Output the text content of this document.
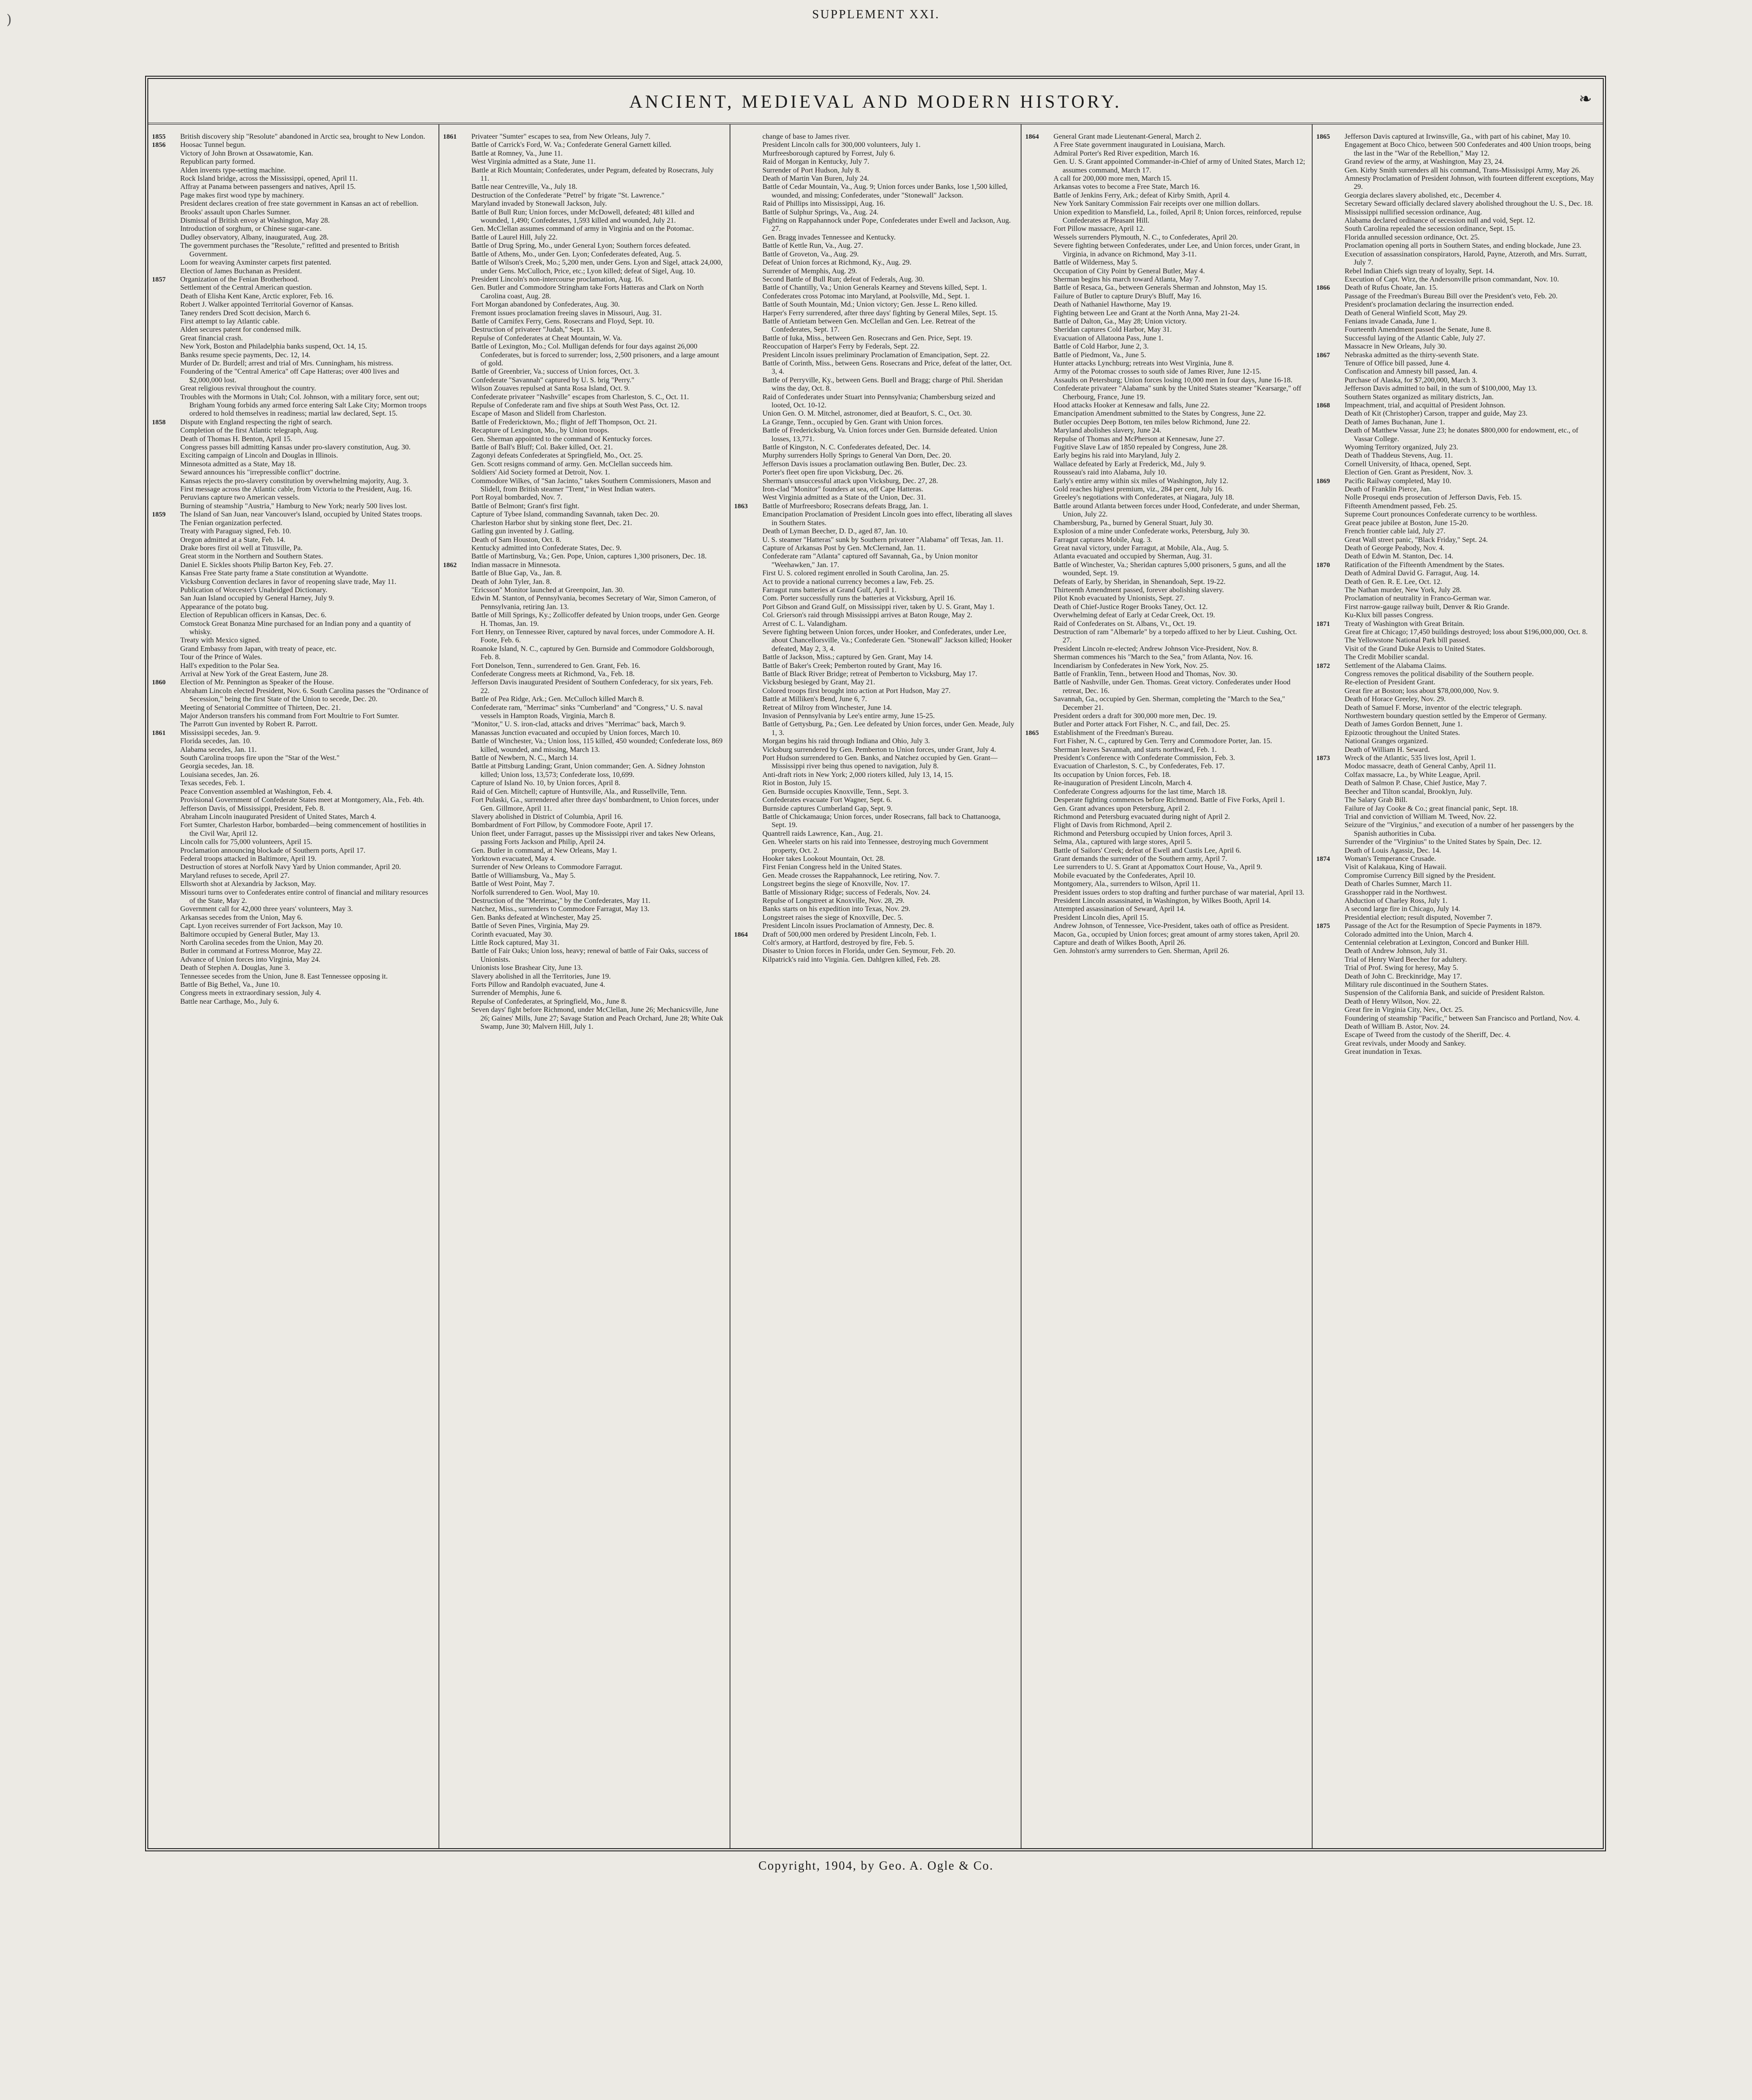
)	SUPPLEMENT XXI.
ANCIENT, MEDIEVAL AND MODERN HISTORY.	❧
1855	British discovery ship "Resolute" abandoned in Arctic sea, brought to New London.
1856	Hoosac Tunnel begun.
Victory of John Brown at Ossawatomie, Kan.
Republican party formed.
Alden invents type-setting machine.
Rock Island bridge, across the Mississippi, opened, April 11.
Affray at Panama between passengers and natives, April 15.
Page makes first wood type by machinery.
President declares creation of free state government in Kansas an act of rebellion.
Brooks' assault upon Charles Sumner.
Dismissal of British envoy at Washington, May 28.
Introduction of sorghum, or Chinese sugar-cane.
Dudley observatory, Albany, inaugurated, Aug. 28.
The government purchases the "Resolute," refitted and presented to British Government.
Loom for weaving Axminster carpets first patented.
Election of James Buchanan as President.
1857	Organization of the Fenian Brotherhood.
Settlement of the Central American question.
Death of Elisha Kent Kane, Arctic explorer, Feb. 16.
Robert J. Walker appointed Territorial Governor of Kansas.
Taney renders Dred Scott decision, March 6.
First attempt to lay Atlantic cable.
Alden secures patent for condensed milk.
Great financial crash.
New York, Boston and Philadelphia banks suspend, Oct. 14, 15.
Banks resume specie payments, Dec. 12, 14.
Murder of Dr. Burdell; arrest and trial of Mrs. Cunningham, his mistress.
Foundering of the "Central America" off Cape Hatteras; over 400 lives and $2,000,000 lost.
Great religious revival throughout the country.
Troubles with the Mormons in Utah; Col. Johnson, with a military force, sent out; Brigham Young forbids any armed force entering Salt Lake City; Mormon troops ordered to hold themselves in readiness; martial law declared, Sept. 15.
1858	Dispute with England respecting the right of search.
Completion of the first Atlantic telegraph, Aug.
Death of Thomas H. Benton, April 15.
Congress passes bill admitting Kansas under pro-slavery constitution, Aug. 30.
Exciting campaign of Lincoln and Douglas in Illinois.
Minnesota admitted as a State, May 18.
Seward announces his "irrepressible conflict" doctrine.
Kansas rejects the pro-slavery constitution by overwhelming majority, Aug. 3.
First message across the Atlantic cable, from Victoria to the President, Aug. 16.
Peruvians capture two American vessels.
Burning of steamship "Austria," Hamburg to New York; nearly 500 lives lost.
1859	The Island of San Juan, near Vancouver's Island, occupied by United States troops.
The Fenian organization perfected.
Treaty with Paraguay signed, Feb. 10.
Oregon admitted at a State, Feb. 14.
Drake bores first oil well at Titusville, Pa.
Great storm in the Northern and Southern States.
Daniel E. Sickles shoots Philip Barton Key, Feb. 27.
Kansas Free State party frame a State constitution at Wyandotte.
Vicksburg Convention declares in favor of reopening slave trade, May 11.
Publication of Worcester's Unabridged Dictionary.
San Juan Island occupied by General Harney, July 9.
Appearance of the potato bug.
Election of Republican officers in Kansas, Dec. 6.
Comstock Great Bonanza Mine purchased for an Indian pony and a quantity of whisky.
Treaty with Mexico signed.
Grand Embassy from Japan, with treaty of peace, etc.
Tour of the Prince of Wales.
Hall's expedition to the Polar Sea.
Arrival at New York of the Great Eastern, June 28.
1860	Election of Mr. Pennington as Speaker of the House.
Abraham Lincoln elected President, Nov. 6. South Carolina passes the "Ordinance of Secession," being the first State of the Union to secede, Dec. 20.
Meeting of Senatorial Committee of Thirteen, Dec. 21.
Major Anderson transfers his command from Fort Moultrie to Fort Sumter.
The Parrott Gun invented by Robert R. Parrott.
1861	Mississippi secedes, Jan. 9.
Florida secedes, Jan. 10.
Alabama secedes, Jan. 11.
South Carolina troops fire upon the "Star of the West."
Georgia secedes, Jan. 18.
Louisiana secedes, Jan. 26.
Texas secedes, Feb. 1.
Peace Convention assembled at Washington, Feb. 4.
Provisional Government of Confederate States meet at Montgomery, Ala., Feb. 4th.
Jefferson Davis, of Mississippi, President, Feb. 8.
Abraham Lincoln inaugurated President of United States, March 4.
Fort Sumter, Charleston Harbor, bombarded—being commencement of hostilities in the Civil War, April 12.
Lincoln calls for 75,000 volunteers, April 15.
Proclamation announcing blockade of Southern ports, April 17.
Federal troops attacked in Baltimore, April 19.
Destruction of stores at Norfolk Navy Yard by Union commander, April 20.
Maryland refuses to secede, April 27.
Ellsworth shot at Alexandria by Jackson, May.
Missouri turns over to Confederates entire control of financial and military resources of the State, May 2.
Government call for 42,000 three years' volunteers, May 3.
Arkansas secedes from the Union, May 6.
Capt. Lyon receives surrender of Fort Jackson, May 10.
Baltimore occupied by General Butler, May 13.
North Carolina secedes from the Union, May 20.
Butler in command at Fortress Monroe, May 22.
Advance of Union forces into Virginia, May 24.
Death of Stephen A. Douglas, June 3.
Tennessee secedes from the Union, June 8. East Tennessee opposing it.
Battle of Big Bethel, Va., June 10.
Congress meets in extraordinary session, July 4.
Battle near Carthage, Mo., July 6.
1861	Privateer "Sumter" escapes to sea, from New Orleans, July 7.
Battle of Carrick's Ford, W. Va.; Confederate General Garnett killed.
Battle at Romney, Va., June 11.
West Virginia admitted as a State, June 11.
Battle at Rich Mountain; Confederates, under Pegram, defeated by Rosecrans, July 11.
Battle near Centreville, Va., July 18.
Destruction of the Confederate "Petrel" by frigate "St. Lawrence."
Maryland invaded by Stonewall Jackson, July.
Battle of Bull Run; Union forces, under McDowell, defeated; 481 killed and wounded, 1,490; Confederates, 1,593 killed and wounded, July 21.
Gen. McClellan assumes command of army in Virginia and on the Potomac.
Battle of Laurel Hill, July 22.
Battle of Drug Spring, Mo., under General Lyon; Southern forces defeated.
Battle of Athens, Mo., under Gen. Lyon; Confederates defeated, Aug. 5.
Battle of Wilson's Creek, Mo.; 5,200 men, under Gens. Lyon and Sigel, attack 24,000, under Gens. McCulloch, Price, etc.; Lyon killed; defeat of Sigel, Aug. 10.
President Lincoln's non-intercourse proclamation, Aug. 16.
Gen. Butler and Commodore Stringham take Forts Hatteras and Clark on North Carolina coast, Aug. 28.
Fort Morgan abandoned by Confederates, Aug. 30.
Fremont issues proclamation freeing slaves in Missouri, Aug. 31.
Battle of Carnifex Ferry, Gens. Rosecrans and Floyd, Sept. 10.
Destruction of privateer "Judah," Sept. 13.
Repulse of Confederates at Cheat Mountain, W. Va.
Battle of Lexington, Mo.; Col. Mulligan defends for four days against 26,000 Confederates, but is forced to surrender; loss, 2,500 prisoners, and a large amount of gold.
Battle of Greenbrier, Va.; success of Union forces, Oct. 3.
Confederate "Savannah" captured by U. S. brig "Perry."
Wilson Zouaves repulsed at Santa Rosa Island, Oct. 9.
Confederate privateer "Nashville" escapes from Charleston, S. C., Oct. 11.
Repulse of Confederate ram and five ships at South West Pass, Oct. 12.
Escape of Mason and Slidell from Charleston.
Battle of Fredericktown, Mo.; flight of Jeff Thompson, Oct. 21.
Recapture of Lexington, Mo., by Union troops.
Gen. Sherman appointed to the command of Kentucky forces.
Battle of Ball's Bluff; Col. Baker killed, Oct. 21.
Zagonyi defeats Confederates at Springfield, Mo., Oct. 25.
Gen. Scott resigns command of army. Gen. McClellan succeeds him.
Soldiers' Aid Society formed at Detroit, Nov. 1.
Commodore Wilkes, of "San Jacinto," takes Southern Commissioners, Mason and Slidell, from British steamer "Trent," in West Indian waters.
Port Royal bombarded, Nov. 7.
Battle of Belmont; Grant's first fight.
Capture of Tybee Island, commanding Savannah, taken Dec. 20.
Charleston Harbor shut by sinking stone fleet, Dec. 21.
Gatling gun invented by J. Gatling.
Death of Sam Houston, Oct. 8.
Kentucky admitted into Confederate States, Dec. 9.
Battle of Martinsburg, Va.; Gen. Pope, Union, captures 1,300 prisoners, Dec. 18.
1862	Indian massacre in Minnesota.
Battle of Blue Gap, Va., Jan. 8.
Death of John Tyler, Jan. 8.
"Ericsson" Monitor launched at Greenpoint, Jan. 30.
Edwin M. Stanton, of Pennsylvania, becomes Secretary of War, Simon Cameron, of Pennsylvania, retiring Jan. 13.
Battle of Mill Springs, Ky.; Zollicoffer defeated by Union troops, under Gen. George H. Thomas, Jan. 19.
Fort Henry, on Tennessee River, captured by naval forces, under Commodore A. H. Foote, Feb. 6.
Roanoke Island, N. C., captured by Gen. Burnside and Commodore Goldsborough, Feb. 8.
Fort Donelson, Tenn., surrendered to Gen. Grant, Feb. 16.
Confederate Congress meets at Richmond, Va., Feb. 18.
Jefferson Davis inaugurated President of Southern Confederacy, for six years, Feb. 22.
Battle of Pea Ridge, Ark.; Gen. McCulloch killed March 8.
Confederate ram, "Merrimac" sinks "Cumberland" and "Congress," U. S. naval vessels in Hampton Roads, Virginia, March 8.
"Monitor," U. S. iron-clad, attacks and drives "Merrimac" back, March 9.
Manassas Junction evacuated and occupied by Union forces, March 10.
Battle of Winchester, Va.; Union loss, 115 killed, 450 wounded; Confederate loss, 869 killed, wounded, and missing, March 13.
Battle of Newbern, N. C., March 14.
Battle at Pittsburg Landing; Grant, Union commander; Gen. A. Sidney Johnston killed; Union loss, 13,573; Confederate loss, 10,699.
Capture of Island No. 10, by Union forces, April 8.
Raid of Gen. Mitchell; capture of Huntsville, Ala., and Russellville, Tenn.
Fort Pulaski, Ga., surrendered after three days' bombardment, to Union forces, under Gen. Gillmore, April 11.
Slavery abolished in District of Columbia, April 16.
Bombardment of Fort Pillow, by Commodore Foote, April 17.
Union fleet, under Farragut, passes up the Mississippi river and takes New Orleans, passing Forts Jackson and Philip, April 24.
Gen. Butler in command, at New Orleans, May 1.
Yorktown evacuated, May 4.
Surrender of New Orleans to Commodore Farragut.
Battle of Williamsburg, Va., May 5.
Battle of West Point, May 7.
Norfolk surrendered to Gen. Wool, May 10.
Destruction of the "Merrimac," by the Confederates, May 11.
Natchez, Miss., surrenders to Commodore Farragut, May 13.
Gen. Banks defeated at Winchester, May 25.
Battle of Seven Pines, Virginia, May 29.
Corinth evacuated, May 30.
Little Rock captured, May 31.
Battle of Fair Oaks; Union loss, heavy; renewal of battle of Fair Oaks, success of Unionists.
Unionists lose Brashear City, June 13.
Slavery abolished in all the Territories, June 19.
Forts Pillow and Randolph evacuated, June 4.
Surrender of Memphis, June 6.
Repulse of Confederates, at Springfield, Mo., June 8.
Seven days' fight before Richmond, under McClellan, June 26; Mechanicsville, June 26; Gaines' Mills, June 27; Savage Station and Peach Orchard, June 28; White Oak Swamp, June 30; Malvern Hill, July 1.
change of base to James river.
President Lincoln calls for 300,000 volunteers, July 1.
Murfreesborough captured by Forrest, July 6.
Raid of Morgan in Kentucky, July 7.
Surrender of Port Hudson, July 8.
Death of Martin Van Buren, July 24.
Battle of Cedar Mountain, Va., Aug. 9; Union forces under Banks, lose 1,500 killed, wounded, and missing; Confederates, under "Stonewall" Jackson.
Raid of Phillips into Mississippi, Aug. 16.
Battle of Sulphur Springs, Va., Aug. 24.
Fighting on Rappahannock under Pope, Confederates under Ewell and Jackson, Aug. 27.
Gen. Bragg invades Tennessee and Kentucky.
Battle of Kettle Run, Va., Aug. 27.
Battle of Groveton, Va., Aug. 29.
Defeat of Union forces at Richmond, Ky., Aug. 29.
Surrender of Memphis, Aug. 29.
Second Battle of Bull Run; defeat of Federals, Aug. 30.
Battle of Chantilly, Va.; Union Generals Kearney and Stevens killed, Sept. 1.
Confederates cross Potomac into Maryland, at Poolsville, Md., Sept. 1.
Battle of South Mountain, Md.; Union victory; Gen. Jesse L. Reno killed.
Harper's Ferry surrendered, after three days' fighting by General Miles, Sept. 15.
Battle of Antietam between Gen. McClellan and Gen. Lee. Retreat of the Confederates, Sept. 17.
Battle of Iuka, Miss., between Gen. Rosecrans and Gen. Price, Sept. 19.
Reoccupation of Harper's Ferry by Federals, Sept. 22.
President Lincoln issues preliminary Proclamation of Emancipation, Sept. 22.
Battle of Corinth, Miss., between Gens. Rosecrans and Price, defeat of the latter, Oct. 3, 4.
Battle of Perryville, Ky., between Gens. Buell and Bragg; charge of Phil. Sheridan wins the day, Oct. 8.
Raid of Confederates under Stuart into Pennsylvania; Chambersburg seized and looted, Oct. 10-12.
Union Gen. O. M. Mitchel, astronomer, died at Beaufort, S. C., Oct. 30.
La Grange, Tenn., occupied by Gen. Grant with Union forces.
Battle of Fredericksburg, Va. Union forces under Gen. Burnside defeated. Union losses, 13,771.
Battle of Kingston, N. C. Confederates defeated, Dec. 14.
Murphy surrenders Holly Springs to General Van Dorn, Dec. 20.
Jefferson Davis issues a proclamation outlawing Ben. Butler, Dec. 23.
Porter's fleet open fire upon Vicksburg, Dec. 26.
Sherman's unsuccessful attack upon Vicksburg, Dec. 27, 28.
Iron-clad "Monitor" founders at sea, off Cape Hatteras.
West Virginia admitted as a State of the Union, Dec. 31.
1863	Battle of Murfreesboro; Rosecrans defeats Bragg, Jan. 1.
Emancipation Proclamation of President Lincoln goes into effect, liberating all slaves in Southern States.
Death of Lyman Beecher, D. D., aged 87, Jan. 10.
U. S. steamer "Hatteras" sunk by Southern privateer "Alabama" off Texas, Jan. 11.
Capture of Arkansas Post by Gen. McClernand, Jan. 11.
Confederate ram "Atlanta" captured off Savannah, Ga., by Union monitor "Weehawken," Jan. 17.
First U. S. colored regiment enrolled in South Carolina, Jan. 25.
Act to provide a national currency becomes a law, Feb. 25.
Farragut runs batteries at Grand Gulf, April 1.
Com. Porter successfully runs the batteries at Vicksburg, April 16.
Port Gibson and Grand Gulf, on Mississippi river, taken by U. S. Grant, May 1.
Col. Grierson's raid through Mississippi arrives at Baton Rouge, May 2.
Arrest of C. L. Valandigham.
Severe fighting between Union forces, under Hooker, and Confederates, under Lee, about Chancellorsville, Va.; Confederate Gen. "Stonewall" Jackson killed; Hooker defeated, May 2, 3, 4.
Battle of Jackson, Miss.; captured by Gen. Grant, May 14.
Battle of Baker's Creek; Pemberton routed by Grant, May 16.
Battle of Black River Bridge; retreat of Pemberton to Vicksburg, May 17.
Vicksburg besieged by Grant, May 21.
Colored troops first brought into action at Port Hudson, May 27.
Battle at Milliken's Bend, June 6, 7.
Retreat of Milroy from Winchester, June 14.
Invasion of Pennsylvania by Lee's entire army, June 15-25.
Battle of Gettysburg, Pa.; Gen. Lee defeated by Union forces, under Gen. Meade, July 1, 3.
Morgan begins his raid through Indiana and Ohio, July 3.
Vicksburg surrendered by Gen. Pemberton to Union forces, under Grant, July 4.
Port Hudson surrendered to Gen. Banks, and Natchez occupied by Gen. Grant—Mississippi river being thus opened to navigation, July 8.
Anti-draft riots in New York; 2,000 rioters killed, July 13, 14, 15.
Riot in Boston, July 15.
Gen. Burnside occupies Knoxville, Tenn., Sept. 3.
Confederates evacuate Fort Wagner, Sept. 6.
Burnside captures Cumberland Gap, Sept. 9.
Battle of Chickamauga; Union forces, under Rosecrans, fall back to Chattanooga, Sept. 19.
Quantrell raids Lawrence, Kan., Aug. 21.
Gen. Wheeler starts on his raid into Tennessee, destroying much Government property, Oct. 2.
Hooker takes Lookout Mountain, Oct. 28.
First Fenian Congress held in the United States.
Gen. Meade crosses the Rappahannock, Lee retiring, Nov. 7.
Longstreet begins the siege of Knoxville, Nov. 17.
Battle of Missionary Ridge; success of Federals, Nov. 24.
Repulse of Longstreet at Knoxville, Nov. 28, 29.
Banks starts on his expedition into Texas, Nov. 29.
Longstreet raises the siege of Knoxville, Dec. 5.
President Lincoln issues Proclamation of Amnesty, Dec. 8.
1864	Draft of 500,000 men ordered by President Lincoln, Feb. 1.
Colt's armory, at Hartford, destroyed by fire, Feb. 5.
Disaster to Union forces in Florida, under Gen. Seymour, Feb. 20.
Kilpatrick's raid into Virginia. Gen. Dahlgren killed, Feb. 28.
1864	General Grant made Lieutenant-General, March 2.
A Free State government inaugurated in Louisiana, March.
Admiral Porter's Red River expedition, March 16.
Gen. U. S. Grant appointed Commander-in-Chief of army of United States, March 12; assumes command, March 17.
A call for 200,000 more men, March 15.
Arkansas votes to become a Free State, March 16.
Battle of Jenkins Ferry, Ark.; defeat of Kirby Smith, April 4.
New York Sanitary Commission Fair receipts over one million dollars.
Union expedition to Mansfield, La., foiled, April 8; Union forces, reinforced, repulse Confederates at Pleasant Hill.
Fort Pillow massacre, April 12.
Wessels surrenders Plymouth, N. C., to Confederates, April 20.
Severe fighting between Confederates, under Lee, and Union forces, under Grant, in Virginia, in advance on Richmond, May 3-11.
Battle of Wilderness, May 5.
Occupation of City Point by General Butler, May 4.
Sherman begins his march toward Atlanta, May 7.
Battle of Resaca, Ga., between Generals Sherman and Johnston, May 15.
Failure of Butler to capture Drury's Bluff, May 16.
Death of Nathaniel Hawthorne, May 19.
Fighting between Lee and Grant at the North Anna, May 21-24.
Battle of Dalton, Ga., May 28; Union victory.
Sheridan captures Cold Harbor, May 31.
Evacuation of Allatoona Pass, June 1.
Battle of Cold Harbor, June 2, 3.
Battle of Piedmont, Va., June 5.
Hunter attacks Lynchburg; retreats into West Virginia, June 8.
Army of the Potomac crosses to south side of James River, June 12-15.
Assaults on Petersburg; Union forces losing 10,000 men in four days, June 16-18.
Confederate privateer "Alabama" sunk by the United States steamer "Kearsarge," off Cherbourg, France, June 19.
Hood attacks Hooker at Kennesaw and falls, June 22.
Emancipation Amendment submitted to the States by Congress, June 22.
Butler occupies Deep Bottom, ten miles below Richmond, June 22.
Maryland abolishes slavery, June 24.
Repulse of Thomas and McPherson at Kennesaw, June 27.
Fugitive Slave Law of 1850 repealed by Congress, June 28.
Early begins his raid into Maryland, July 2.
Wallace defeated by Early at Frederick, Md., July 9.
Rousseau's raid into Alabama, July 10.
Early's entire army within six miles of Washington, July 12.
Gold reaches highest premium, viz., 284 per cent, July 16.
Greeley's negotiations with Confederates, at Niagara, July 18.
Battle around Atlanta between forces under Hood, Confederate, and under Sherman, Union, July 22.
Chambersburg, Pa., burned by General Stuart, July 30.
Explosion of a mine under Confederate works, Petersburg, July 30.
Farragut captures Mobile, Aug. 3.
Great naval victory, under Farragut, at Mobile, Ala., Aug. 5.
Atlanta evacuated and occupied by Sherman, Aug. 31.
Battle of Winchester, Va.; Sheridan captures 5,000 prisoners, 5 guns, and all the wounded, Sept. 19.
Defeats of Early, by Sheridan, in Shenandoah, Sept. 19-22.
Thirteenth Amendment passed, forever abolishing slavery.
Pilot Knob evacuated by Unionists, Sept. 27.
Death of Chief-Justice Roger Brooks Taney, Oct. 12.
Overwhelming defeat of Early at Cedar Creek, Oct. 19.
Raid of Confederates on St. Albans, Vt., Oct. 19.
Destruction of ram "Albemarle" by a torpedo affixed to her by Lieut. Cushing, Oct. 27.
President Lincoln re-elected; Andrew Johnson Vice-President, Nov. 8.
Sherman commences his "March to the Sea," from Atlanta, Nov. 16.
Incendiarism by Confederates in New York, Nov. 25.
Battle of Franklin, Tenn., between Hood and Thomas, Nov. 30.
Battle of Nashville, under Gen. Thomas. Great victory. Confederates under Hood retreat, Dec. 16.
Savannah, Ga., occupied by Gen. Sherman, completing the "March to the Sea," December 21.
President orders a draft for 300,000 more men, Dec. 19.
Butler and Porter attack Fort Fisher, N. C., and fail, Dec. 25.
1865	Establishment of the Freedman's Bureau.
Fort Fisher, N. C., captured by Gen. Terry and Commodore Porter, Jan. 15.
Sherman leaves Savannah, and starts northward, Feb. 1.
President's Conference with Confederate Commission, Feb. 3.
Evacuation of Charleston, S. C., by Confederates, Feb. 17.
Its occupation by Union forces, Feb. 18.
Re-inauguration of President Lincoln, March 4.
Confederate Congress adjourns for the last time, March 18.
Desperate fighting commences before Richmond. Battle of Five Forks, April 1.
Gen. Grant advances upon Petersburg, April 2.
Richmond and Petersburg evacuated during night of April 2.
Flight of Davis from Richmond, April 2.
Richmond and Petersburg occupied by Union forces, April 3.
Selma, Ala., captured with large stores, April 5.
Battle of Sailors' Creek; defeat of Ewell and Custis Lee, April 6.
Grant demands the surrender of the Southern army, April 7.
Lee surrenders to U. S. Grant at Appomattox Court House, Va., April 9.
Mobile evacuated by the Confederates, April 10.
Montgomery, Ala., surrenders to Wilson, April 11.
President issues orders to stop drafting and further purchase of war material, April 13.
President Lincoln assassinated, in Washington, by Wilkes Booth, April 14.
Attempted assassination of Seward, April 14.
President Lincoln dies, April 15.
Andrew Johnson, of Tennessee, Vice-President, takes oath of office as President.
Macon, Ga., occupied by Union forces; great amount of army stores taken, April 20.
Capture and death of Wilkes Booth, April 26.
Gen. Johnston's army surrenders to Gen. Sherman, April 26.
1865	Jefferson Davis captured at Irwinsville, Ga., with part of his cabinet, May 10.
Engagement at Boco Chico, between 500 Confederates and 400 Union troops, being the last in the "War of the Rebellion," May 12.
Grand review of the army, at Washington, May 23, 24.
Gen. Kirby Smith surrenders all his command, Trans-Mississippi Army, May 26.
Amnesty Proclamation of President Johnson, with fourteen different exceptions, May 29.
Georgia declares slavery abolished, etc., December 4.
Secretary Seward officially declared slavery abolished throughout the U. S., Dec. 18.
Mississippi nullified secession ordinance, Aug.
Alabama declared ordinance of secession null and void, Sept. 12.
South Carolina repealed the secession ordinance, Sept. 15.
Florida annulled secession ordinance, Oct. 25.
Proclamation opening all ports in Southern States, and ending blockade, June 23.
Execution of assassination conspirators, Harold, Payne, Atzeroth, and Mrs. Surratt, July 7.
Rebel Indian Chiefs sign treaty of loyalty, Sept. 14.
Execution of Capt. Wirz, the Andersonville prison commandant, Nov. 10.
1866	Death of Rufus Choate, Jan. 15.
Passage of the Freedman's Bureau Bill over the President's veto, Feb. 20.
President's proclamation declaring the insurrection ended.
Death of General Winfield Scott, May 29.
Fenians invade Canada, June 1.
Fourteenth Amendment passed the Senate, June 8.
Successful laying of the Atlantic Cable, July 27.
Massacre in New Orleans, July 30.
1867	Nebraska admitted as the thirty-seventh State.
Tenure of Office bill passed, June 4.
Confiscation and Amnesty bill passed, Jan. 4.
Purchase of Alaska, for $7,200,000, March 3.
Jefferson Davis admitted to bail, in the sum of $100,000, May 13.
Southern States organized as military districts, Jan.
1868	Impeachment, trial, and acquittal of President Johnson.
Death of Kit (Christopher) Carson, trapper and guide, May 23.
Death of James Buchanan, June 1.
Death of Matthew Vassar, June 23; he donates $800,000 for endowment, etc., of Vassar College.
Wyoming Territory organized, July 23.
Death of Thaddeus Stevens, Aug. 11.
Cornell University, of Ithaca, opened, Sept.
Election of Gen. Grant as President, Nov. 3.
1869	Pacific Railway completed, May 10.
Death of Franklin Pierce, Jan.
Nolle Prosequi ends prosecution of Jefferson Davis, Feb. 15.
Fifteenth Amendment passed, Feb. 25.
Supreme Court pronounces Confederate currency to be worthless.
Great peace jubilee at Boston, June 15-20.
French frontier cable laid, July 27.
Great Wall street panic, "Black Friday," Sept. 24.
Death of George Peabody, Nov. 4.
Death of Edwin M. Stanton, Dec. 14.
1870	Ratification of the Fifteenth Amendment by the States.
Death of Admiral David G. Farragut, Aug. 14.
Death of Gen. R. E. Lee, Oct. 12.
The Nathan murder, New York, July 28.
Proclamation of neutrality in Franco-German war.
First narrow-gauge railway built, Denver & Rio Grande.
Ku-Klux bill passes Congress.
1871	Treaty of Washington with Great Britain.
Great fire at Chicago; 17,450 buildings destroyed; loss about $196,000,000, Oct. 8.
The Yellowstone National Park bill passed.
Visit of the Grand Duke Alexis to United States.
The Credit Mobilier scandal.
1872	Settlement of the Alabama Claims.
Congress removes the political disability of the Southern people.
Re-election of President Grant.
Great fire at Boston; loss about $78,000,000, Nov. 9.
Death of Horace Greeley, Nov. 29.
Death of Samuel F. Morse, inventor of the electric telegraph.
Northwestern boundary question settled by the Emperor of Germany.
Death of James Gordon Bennett, June 1.
Epizootic throughout the United States.
National Granges organized.
Death of William H. Seward.
1873	Wreck of the Atlantic, 535 lives lost, April 1.
Modoc massacre, death of General Canby, April 11.
Colfax massacre, La., by White League, April.
Death of Salmon P. Chase, Chief Justice, May 7.
Beecher and Tilton scandal, Brooklyn, July.
The Salary Grab Bill.
Failure of Jay Cooke & Co.; great financial panic, Sept. 18.
Trial and conviction of William M. Tweed, Nov. 22.
Seizure of the "Virginius," and execution of a number of her passengers by the Spanish authorities in Cuba.
Surrender of the "Virginius" to the United States by Spain, Dec. 12.
Death of Louis Agassiz, Dec. 14.
1874	Woman's Temperance Crusade.
Visit of Kalakaua, King of Hawaii.
Compromise Currency Bill signed by the President.
Death of Charles Sumner, March 11.
Grasshopper raid in the Northwest.
Abduction of Charley Ross, July 1.
A second large fire in Chicago, July 14.
Presidential election; result disputed, November 7.
1875	Passage of the Act for the Resumption of Specie Payments in 1879.
Colorado admitted into the Union, March 4.
Centennial celebration at Lexington, Concord and Bunker Hill.
Death of Andrew Johnson, July 31.
Trial of Henry Ward Beecher for adultery.
Trial of Prof. Swing for heresy, May 5.
Death of John C. Breckinridge, May 17.
Military rule discontinued in the Southern States.
Suspension of the California Bank, and suicide of President Ralston.
Death of Henry Wilson, Nov. 22.
Great fire in Virginia City, Nev., Oct. 25.
Foundering of steamship "Pacific," between San Francisco and Portland, Nov. 4.
Death of William B. Astor, Nov. 24.
Escape of Tweed from the custody of the Sheriff, Dec. 4.
Great revivals, under Moody and Sankey.
Great inundation in Texas.
Copyright, 1904, by Geo. A. Ogle & Co.
